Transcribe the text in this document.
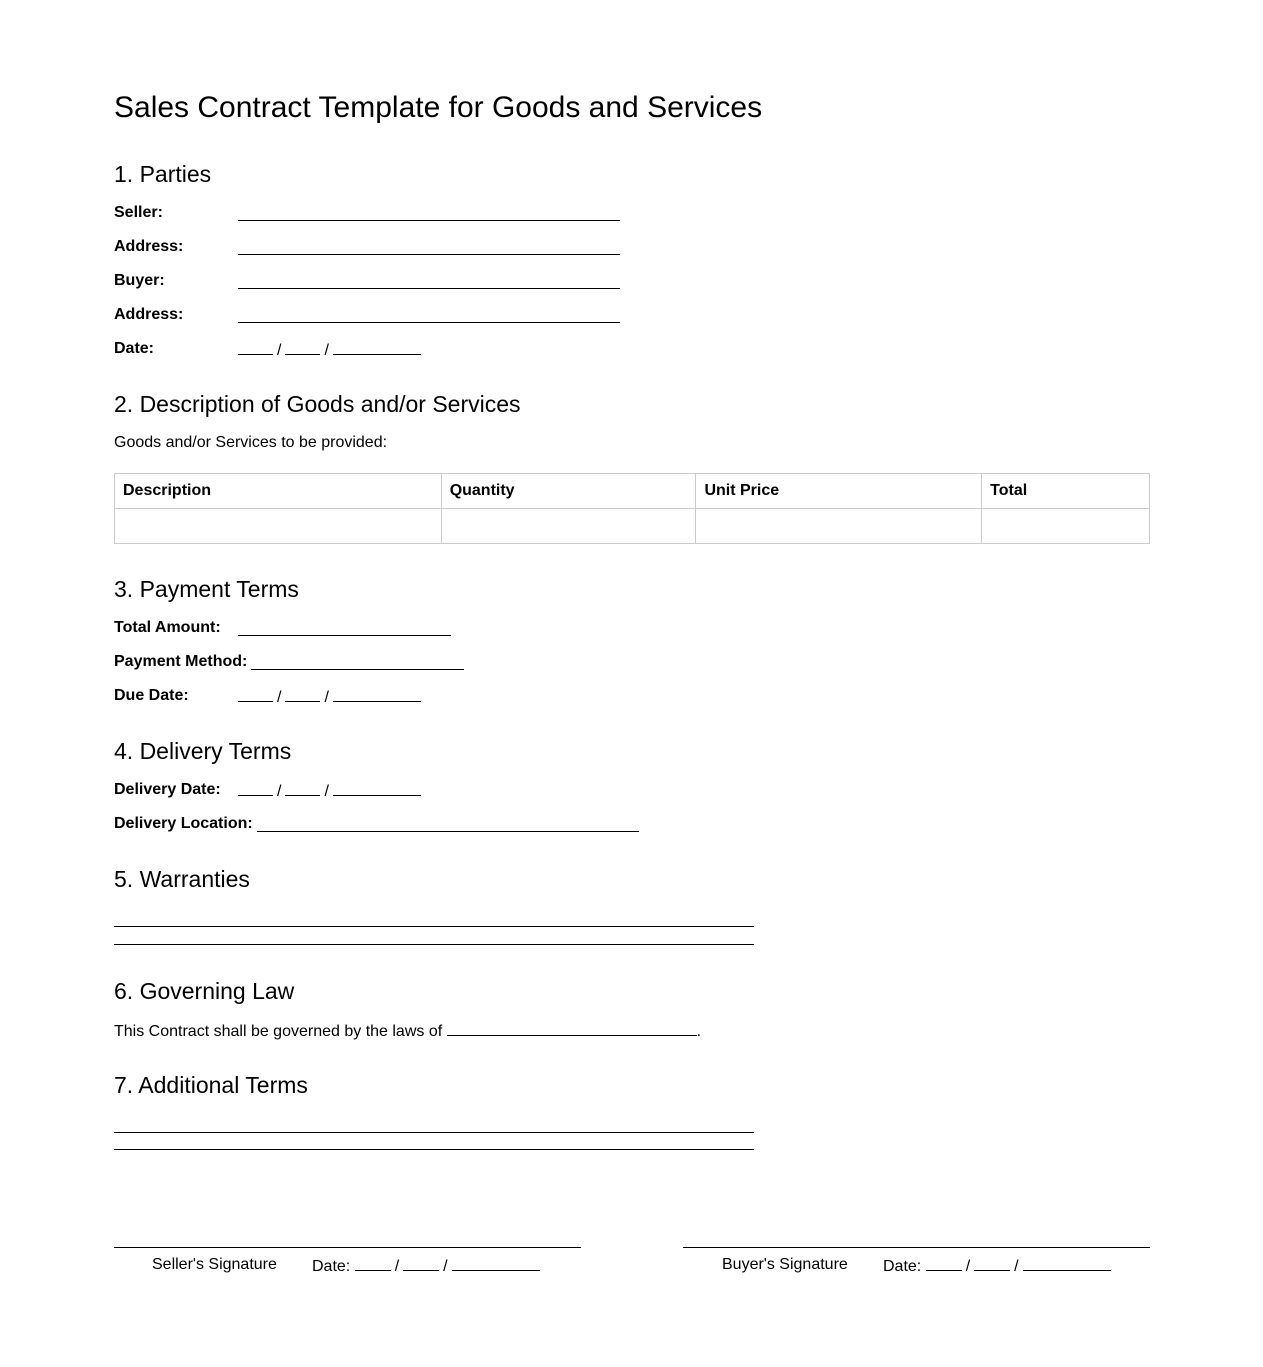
Sales Contract Template for Goods and Services
1. Parties
Seller:
Address:
Buyer:
Address:
Date:	/	/
2. Description of Goods and/or Services
Goods and/or Services to be provided:
Description	Quantity	Unit Price	Total

3. Payment Terms
Total Amount:
Payment Method:
Due Date:	/	/
4. Delivery Terms
Delivery Date:	/	/
Delivery Location:
5. Warranties
6. Governing Law
This Contract shall be governed by the laws of	.
7. Additional Terms
Seller's Signature Date:	/	/	Buyer's Signature Date:	/	/
